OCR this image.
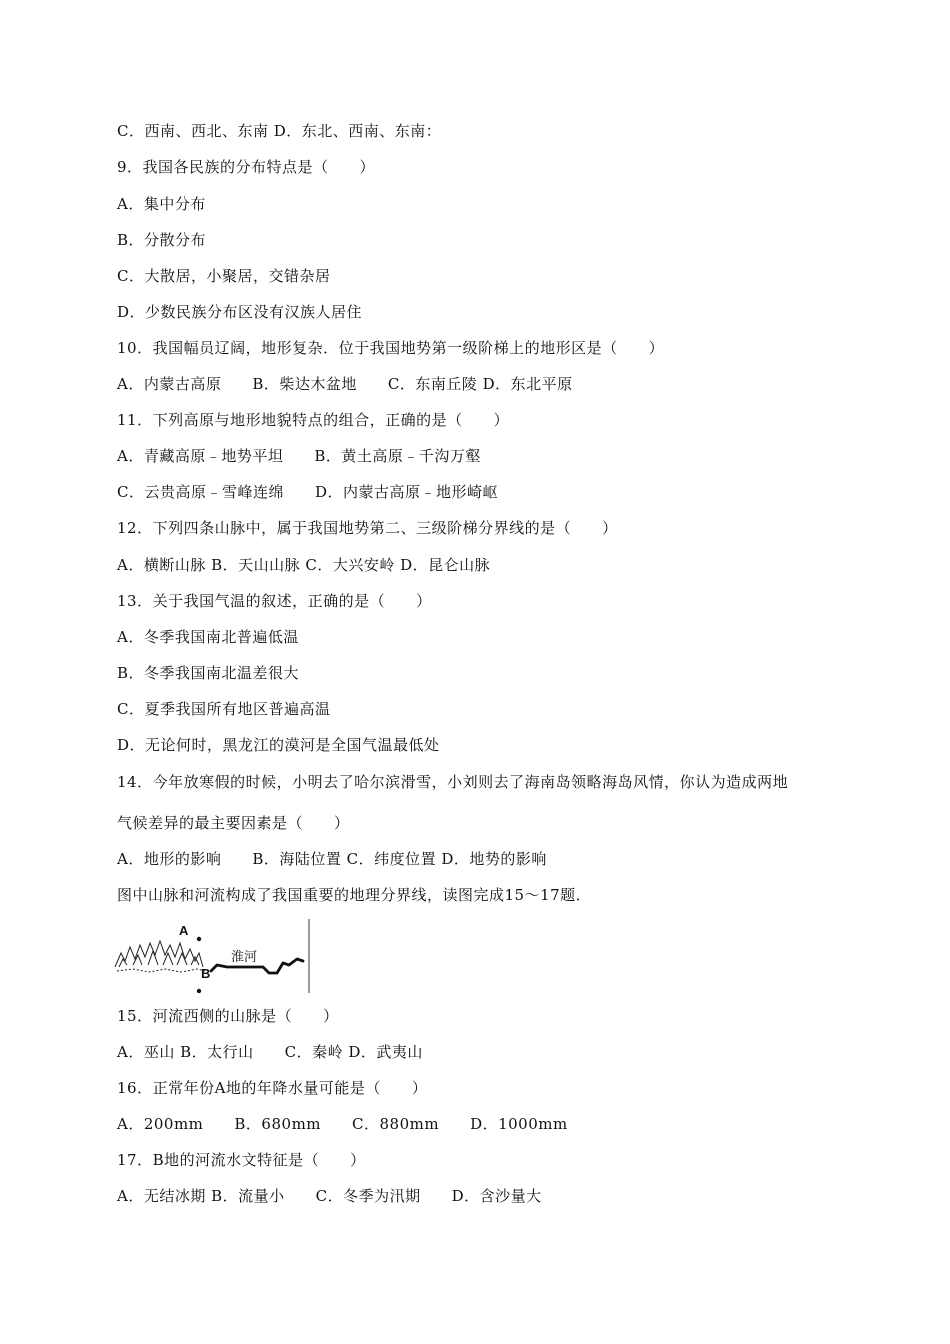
C．西南、西北、东南 D．东北、西南、东南：
9．我国各民族的分布特点是（　　）
A．集中分布
B．分散分布
C．大散居，小聚居，交错杂居
D．少数民族分布区没有汉族人居住
10．我国幅员辽阔，地形复杂．位于我国地势第一级阶梯上的地形区是（　　）
A．内蒙古高原　　B．柴达木盆地　　C．东南丘陵 D．东北平原
11．下列高原与地形地貌特点的组合，正确的是（　　）
A．青藏高原﹣地势平坦　　B．黄土高原﹣千沟万壑
C．云贵高原﹣雪峰连绵　　D．内蒙古高原﹣地形崎岖
12．下列四条山脉中，属于我国地势第二、三级阶梯分界线的是（　　）
A．横断山脉 B．天山山脉 C．大兴安岭 D．昆仑山脉
13．关于我国气温的叙述，正确的是（　　）
A．冬季我国南北普遍低温
B．冬季我国南北温差很大
C．夏季我国所有地区普遍高温
D．无论何时，黑龙江的漠河是全国气温最低处
14．今年放寒假的时候，小明去了哈尔滨滑雪，小刘则去了海南岛领略海岛风情，你认为造成两地
气候差异的最主要因素是（　　）
A．地形的影响　　B．海陆位置 C．纬度位置 D．地势的影响
图中山脉和河流构成了我国重要的地理分界线，读图完成15～17题．
A
B
淮河
15．河流西侧的山脉是（　　）
A．巫山 B．太行山　　C．秦岭 D．武夷山
16．正常年份A地的年降水量可能是（　　）
A．200mm　　B．680mm　　C．880mm　　D．1000mm
17．B地的河流水文特征是（　　）
A．无结冰期 B．流量小　　C．冬季为汛期　　D．含沙量大
